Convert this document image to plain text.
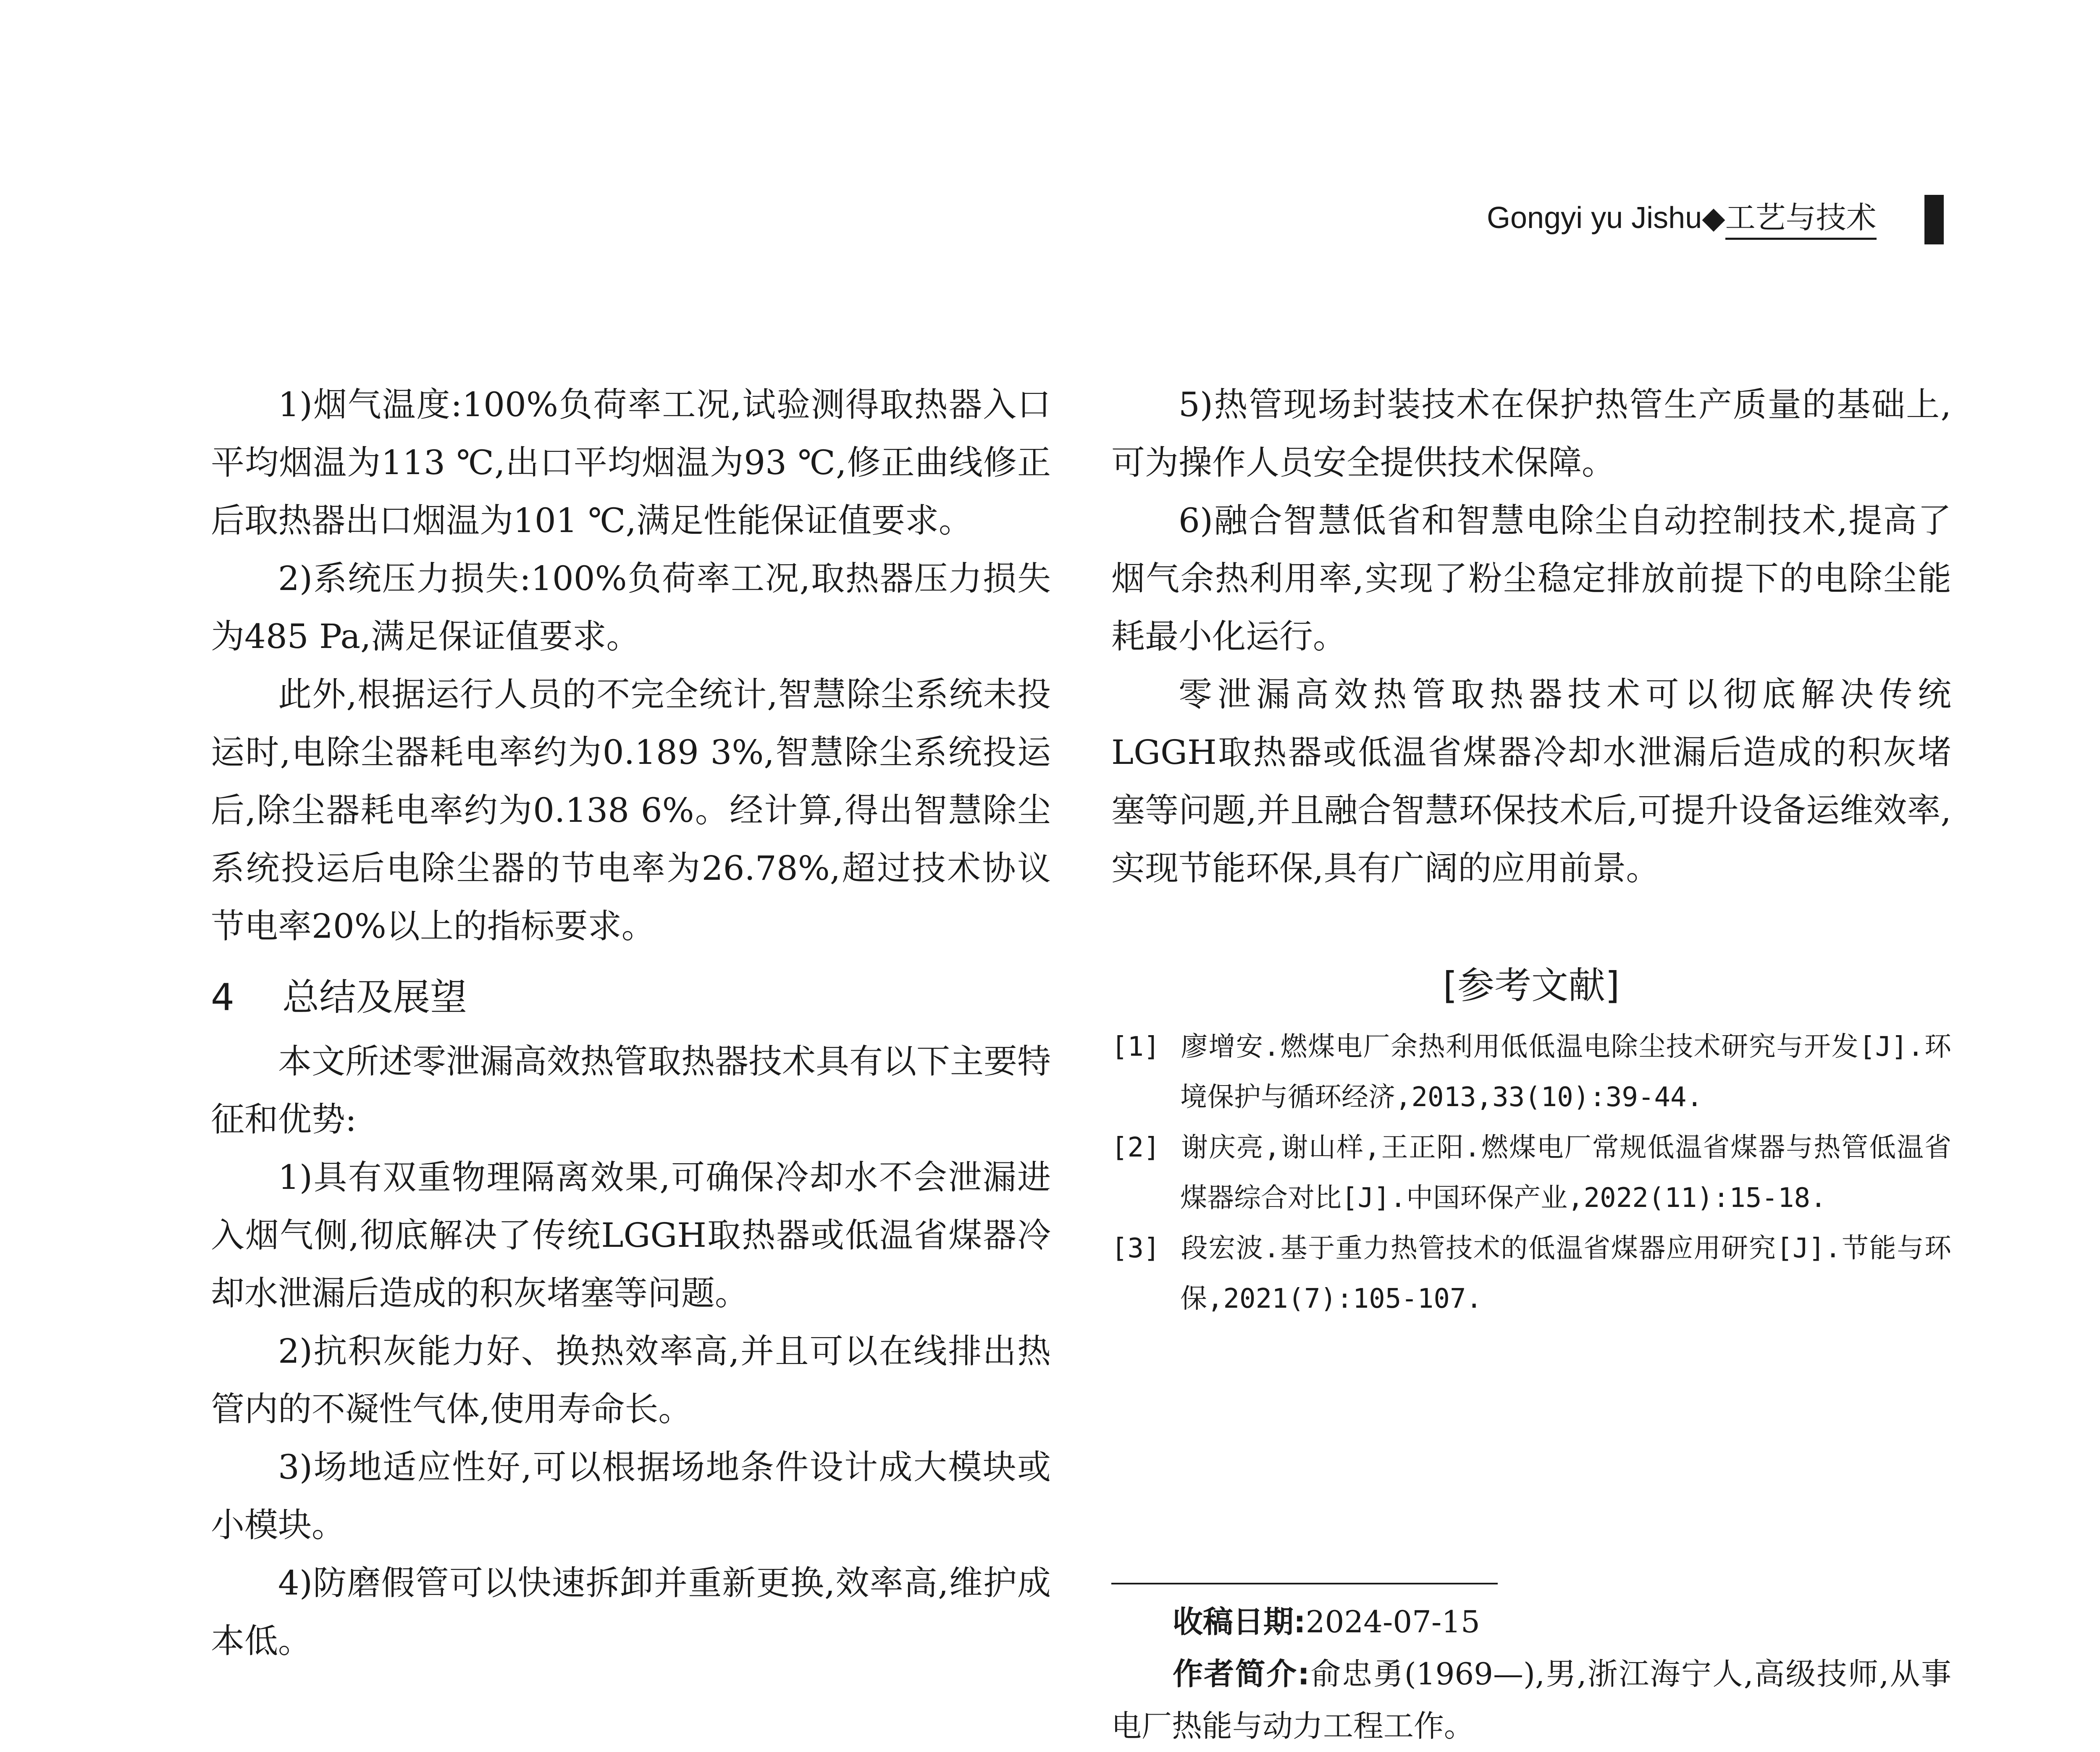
Gongyi yu Jishu◆工艺与技术

1)烟气温度:100%负荷率工况,试验测得取热器入口平均烟温为113 ℃,出口平均烟温为93 ℃,修正曲线修正后取热器出口烟温为101 ℃,满足性能保证值要求。

2)系统压力损失:100%负荷率工况,取热器压力损失为485 Pa,满足保证值要求。

此外,根据运行人员的不完全统计,智慧除尘系统未投运时,电除尘器耗电率约为0.189 3%,智慧除尘系统投运后,除尘器耗电率约为0.138 6%。经计算,得出智慧除尘系统投运后电除尘器的节电率为26.78%,超过技术协议节电率20%以上的指标要求。

4 总结及展望

本文所述零泄漏高效热管取热器技术具有以下主要特征和优势:

1)具有双重物理隔离效果,可确保冷却水不会泄漏进入烟气侧,彻底解决了传统LGGH取热器或低温省煤器冷却水泄漏后造成的积灰堵塞等问题。

2)抗积灰能力好、换热效率高,并且可以在线排出热管内的不凝性气体,使用寿命长。

3)场地适应性好,可以根据场地条件设计成大模块或小模块。

4)防磨假管可以快速拆卸并重新更换,效率高,维护成本低。

5)热管现场封装技术在保护热管生产质量的基础上,可为操作人员安全提供技术保障。

6)融合智慧低省和智慧电除尘自动控制技术,提高了烟气余热利用率,实现了粉尘稳定排放前提下的电除尘能耗最小化运行。

零泄漏高效热管取热器技术可以彻底解决传统LGGH取热器或低温省煤器冷却水泄漏后造成的积灰堵塞等问题,并且融合智慧环保技术后,可提升设备运维效率,实现节能环保,具有广阔的应用前景。

[参考文献]

[1] 廖增安.燃煤电厂余热利用低低温电除尘技术研究与开发[J].环境保护与循环经济,2013,33(10):39-44.

[2] 谢庆亮,谢山样,王正阳.燃煤电厂常规低温省煤器与热管低温省煤器综合对比[J].中国环保产业,2022(11):15-18.

[3] 段宏波.基于重力热管技术的低温省煤器应用研究[J].节能与环保,2021(7):105-107.

收稿日期:2024-07-15

作者简介:俞忠勇(1969—),男,浙江海宁人,高级技师,从事电厂热能与动力工程工作。
